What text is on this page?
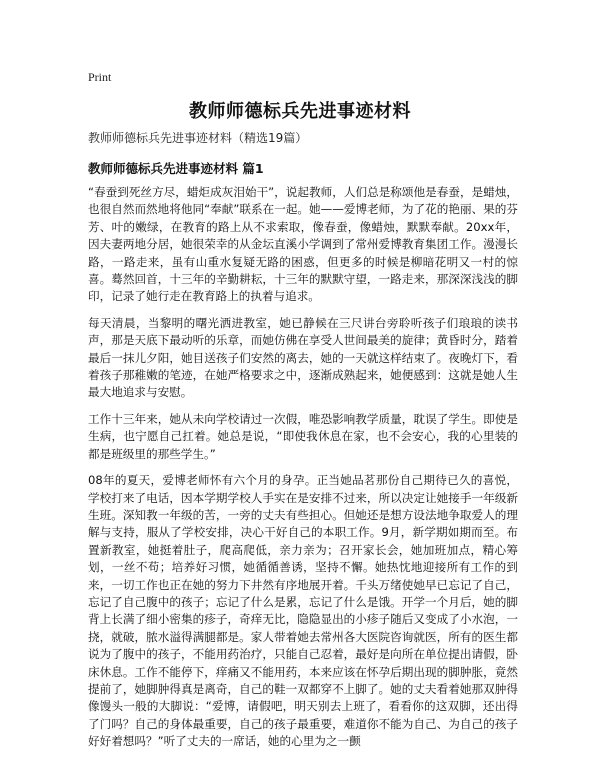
Print
教师师德标兵先进事迹材料
教师师德标兵先进事迹材料（精选19篇）
教师师德标兵先进事迹材料 篇1

“春蚕到死丝方尽，蜡炬成灰泪始干”，说起教师，人们总是称颂他是春蚕，是蜡烛，也很自然而然地将他同“奉献”联系在一起。她——爱博老师，为了花的艳丽、果的芬芳、叶的嫩绿，在教育的路上从不求索取，像春蚕，像蜡烛，默默奉献。20xx年，因夫妻两地分居，她很荣幸的从金坛直溪小学调到了常州爱博教育集团工作。漫漫长路，一路走来，虽有山重水复疑无路的困惑，但更多的时候是柳暗花明又一村的惊喜。蓦然回首，十三年的辛勤耕耘，十三年的默默守望，一路走来，那深深浅浅的脚印，记录了她行走在教育路上的执着与追求。

每天清晨，当黎明的曙光洒进教室，她已静候在三尺讲台旁聆听孩子们琅琅的读书声，那是天底下最动听的乐章，而她仿佛在享受人世间最美的旋律；黄昏时分，踏着最后一抹儿夕阳，她目送孩子们安然的离去，她的一天就这样结束了。夜晚灯下，看着孩子那稚嫩的笔迹，在她严格要求之中，逐渐成熟起来，她便感到：这就是她人生最大地追求与安慰。

工作十三年来，她从未向学校请过一次假，唯恐影响教学质量，耽误了学生。即使是生病，也宁愿自己扛着。她总是说，“即使我休息在家，也不会安心，我的心里装的都是班级里的那些学生。”

08年的夏天，爱博老师怀有六个月的身孕。正当她品茗那份自己期待已久的喜悦，学校打来了电话，因本学期学校人手实在是安排不过来，所以决定让她接手一年级新生班。深知教一年级的苦，一旁的丈夫有些担心。但她还是想方设法地争取爱人的理解与支持，服从了学校安排，决心干好自己的本职工作。9月，新学期如期而至。布置新教室，她挺着肚子，爬高爬低，亲力亲为；召开家长会，她加班加点，精心筹划，一丝不苟；培养好习惯，她循循善诱，坚持不懈。她热忱地迎接所有工作的到来，一切工作也正在她的努力下井然有序地展开着。千头万绪使她早已忘记了自己，忘记了自己腹中的孩子；忘记了什么是累，忘记了什么是饿。开学一个月后，她的脚背上长满了细小密集的疹子，奇痒无比，隐隐显出的小疹子随后又变成了小水泡，一挠，就破，脓水溢得满腿都是。家人带着她去常州各大医院咨询就医，所有的医生都说为了腹中的孩子，不能用药治疗，只能自己忍着，最好是向所在单位提出请假，卧床休息。工作不能停下，痒痛又不能用药，本来应该在怀孕后期出现的脚肿胀，竟然提前了，她脚肿得真是离奇，自己的鞋一双都穿不上脚了。她的丈夫看着她那双肿得像馒头一般的大脚说：“爱博，请假吧，明天别去上班了，看看你的这双脚，还出得了门吗？自己的身体最重要，自己的孩子最重要，难道你不能为自己、为自己的孩子好好着想吗？”听了丈夫的一席话，她的心里为之一颤
